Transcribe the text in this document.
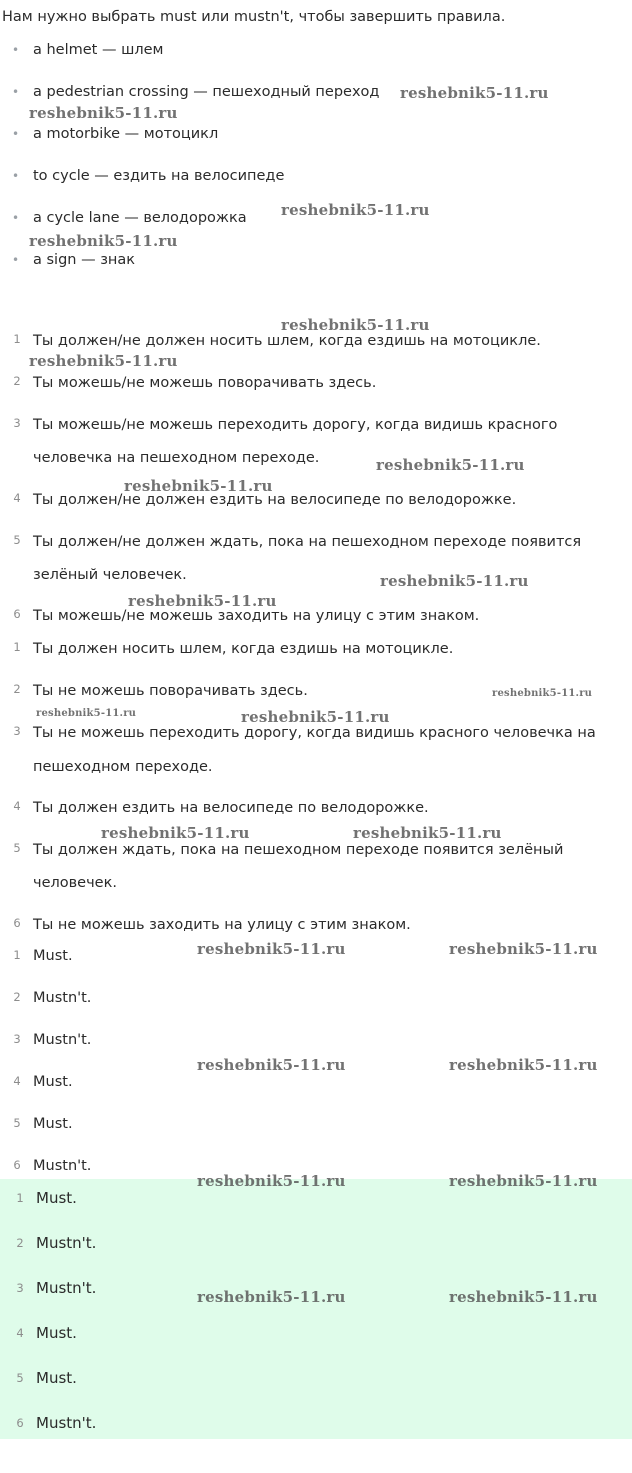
Нам нужно выбрать must или mustn't, чтобы завершить правила.
• a helmet — шлем
• a pedestrian crossing — пешеходный переход
• a motorbike — мотоцикл
• to cycle — ездить на велосипеде
• a cycle lane — велодорожка
• a sign — знак
1 Ты должен/не должен носить шлем, когда ездишь на мотоцикле.
2 Ты можешь/не можешь поворачивать здесь.
3 Ты можешь/не можешь переходить дорогу, когда видишь красного
человечка на пешеходном переходе.
4 Ты должен/не должен ездить на велосипеде по велодорожке.
5 Ты должен/не должен ждать, пока на пешеходном переходе появится
зелёный человечек.
6 Ты можешь/не можешь заходить на улицу с этим знаком.
1 Ты должен носить шлем, когда ездишь на мотоцикле.
2 Ты не можешь поворачивать здесь.
3 Ты не можешь переходить дорогу, когда видишь красного человечка на
пешеходном переходе.
4 Ты должен ездить на велосипеде по велодорожке.
5 Ты должен ждать, пока на пешеходном переходе появится зелёный
человечек.
6 Ты не можешь заходить на улицу с этим знаком.
1 Must.
2 Mustn't.
3 Mustn't.
4 Must.
5 Must.
6 Mustn't.
1 Must.
2 Mustn't.
3 Mustn't.
4 Must.
5 Must.
6 Mustn't.
reshebnik5-11.ru
reshebnik5-11.ru
reshebnik5-11.ru
reshebnik5-11.ru
reshebnik5-11.ru
reshebnik5-11.ru
reshebnik5-11.ru
reshebnik5-11.ru
reshebnik5-11.ru
reshebnik5-11.ru
reshebnik5-11.ru
reshebnik5-11.ru	reshebnik5-11.ru
reshebnik5-11.ru	reshebnik5-11.ru
reshebnik5-11.ru	reshebnik5-11.ru
reshebnik5-11.ru	reshebnik5-11.ru
reshebnik5-11.ru	reshebnik5-11.ru
reshebnik5-11.ru	reshebnik5-11.ru
